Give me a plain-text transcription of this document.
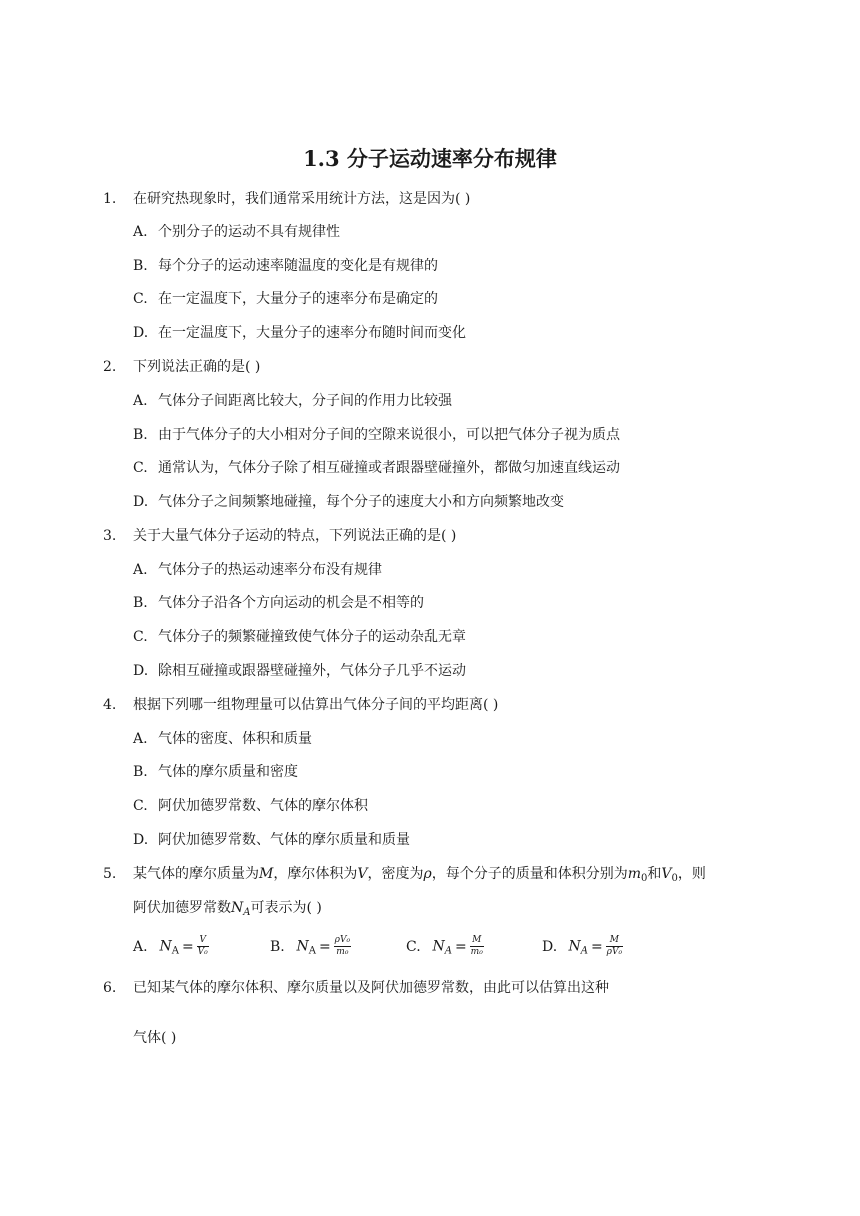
1.3 分子运动速率分布规律
1. 在研究热现象时，我们通常采用统计方法，这是因为( )
A. 个别分子的运动不具有规律性
B. 每个分子的运动速率随温度的变化是有规律的
C. 在一定温度下，大量分子的速率分布是确定的
D. 在一定温度下，大量分子的速率分布随时间而变化
2. 下列说法正确的是( )
A. 气体分子间距离比较大，分子间的作用力比较强
B. 由于气体分子的大小相对分子间的空隙来说很小，可以把气体分子视为质点
C. 通常认为，气体分子除了相互碰撞或者跟器壁碰撞外，都做匀加速直线运动
D. 气体分子之间频繁地碰撞，每个分子的速度大小和方向频繁地改变
3. 关于大量气体分子运动的特点，下列说法正确的是( )
A. 气体分子的热运动速率分布没有规律
B. 气体分子沿各个方向运动的机会是不相等的
C. 气体分子的频繁碰撞致使气体分子的运动杂乱无章
D. 除相互碰撞或跟器壁碰撞外，气体分子几乎不运动
4. 根据下列哪一组物理量可以估算出气体分子间的平均距离( )
A. 气体的密度、体积和质量
B. 气体的摩尔质量和密度
C. 阿伏加德罗常数、气体的摩尔体积
D. 阿伏加德罗常数、气体的摩尔质量和质量
5. 某气体的摩尔质量为M，摩尔体积为V，密度为ρ，每个分子的质量和体积分别为$m_0$和$V_0$，则
阿伏加德罗常数$N_A$可表示为( )
A. $N_A = \frac{V}{\text{V₀}}$	B. $N_A = \frac{\text{ρV₀}}{\text{m₀}}$	C. $N_A = \frac{M}{\text{m₀}}$	D. $N_A = \frac{M}{\text{ρV₀}}$
6. 已知某气体的摩尔体积、摩尔质量以及阿伏加德罗常数，由此可以估算出这种
气体( )
